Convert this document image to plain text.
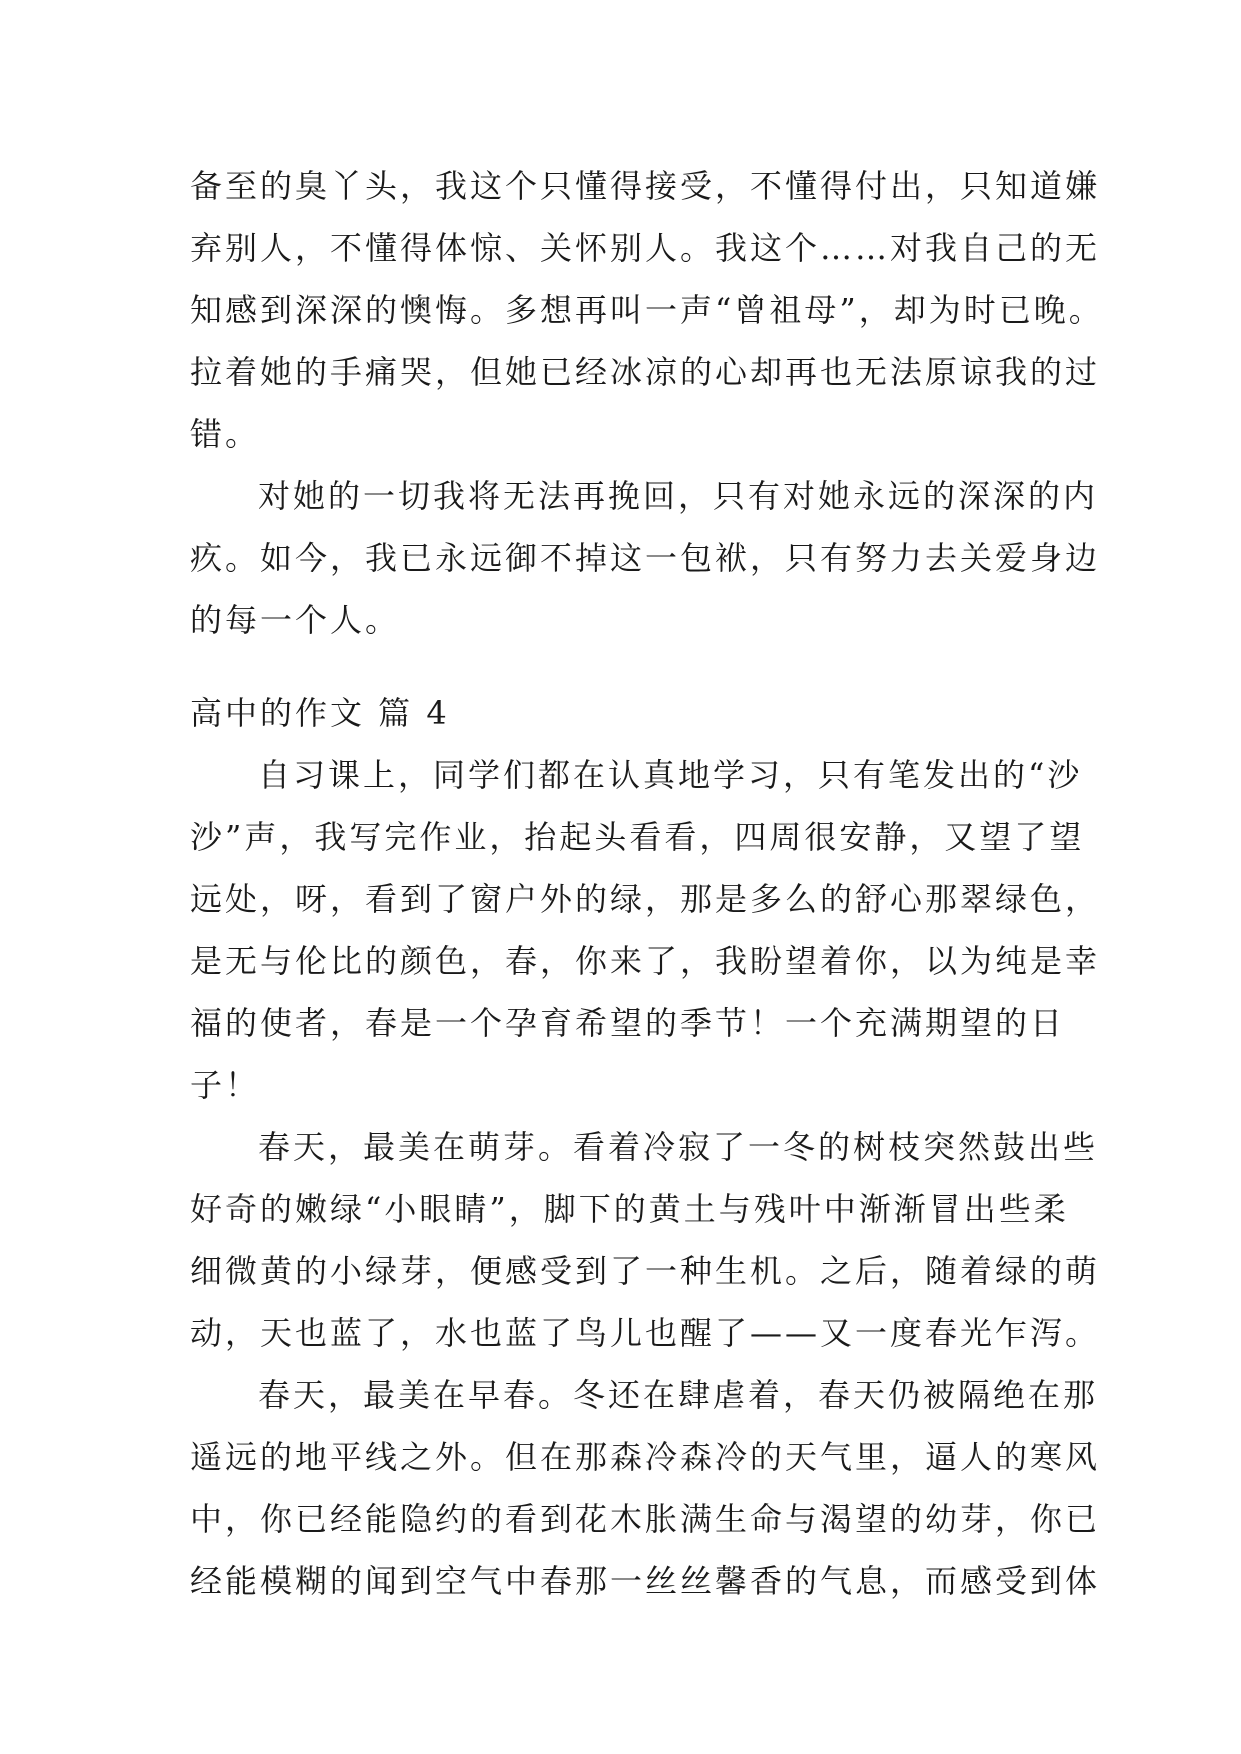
备至的臭丫头，我这个只懂得接受，不懂得付出，只知道嫌
弃别人，不懂得体惊、关怀别人。我这个……对我自己的无
知感到深深的懊悔。多想再叫一声“曾祖母”，却为时已晚。
拉着她的手痛哭，但她已经冰凉的心却再也无法原谅我的过
错。
对她的一切我将无法再挽回，只有对她永远的深深的内
疚。如今，我已永远御不掉这一包袱，只有努力去关爱身边
的每一个人。
高中的作文 篇 4
自习课上，同学们都在认真地学习，只有笔发出的“沙
沙”声，我写完作业，抬起头看看，四周很安静，又望了望
远处，呀，看到了窗户外的绿，那是多么的舒心那翠绿色，
是无与伦比的颜色，春，你来了，我盼望着你，以为纯是幸
福的使者，春是一个孕育希望的季节！一个充满期望的日
子！
春天，最美在萌芽。看着冷寂了一冬的树枝突然鼓出些
好奇的嫩绿“小眼睛”，脚下的黄土与残叶中渐渐冒出些柔
细微黄的小绿芽，便感受到了一种生机。之后，随着绿的萌
动，天也蓝了，水也蓝了鸟儿也醒了——又一度春光乍泻。
春天，最美在早春。冬还在肆虐着，春天仍被隔绝在那
遥远的地平线之外。但在那森冷森冷的天气里，逼人的寒风
中，你已经能隐约的看到花木胀满生命与渴望的幼芽，你已
经能模糊的闻到空气中春那一丝丝馨香的气息，而感受到体
